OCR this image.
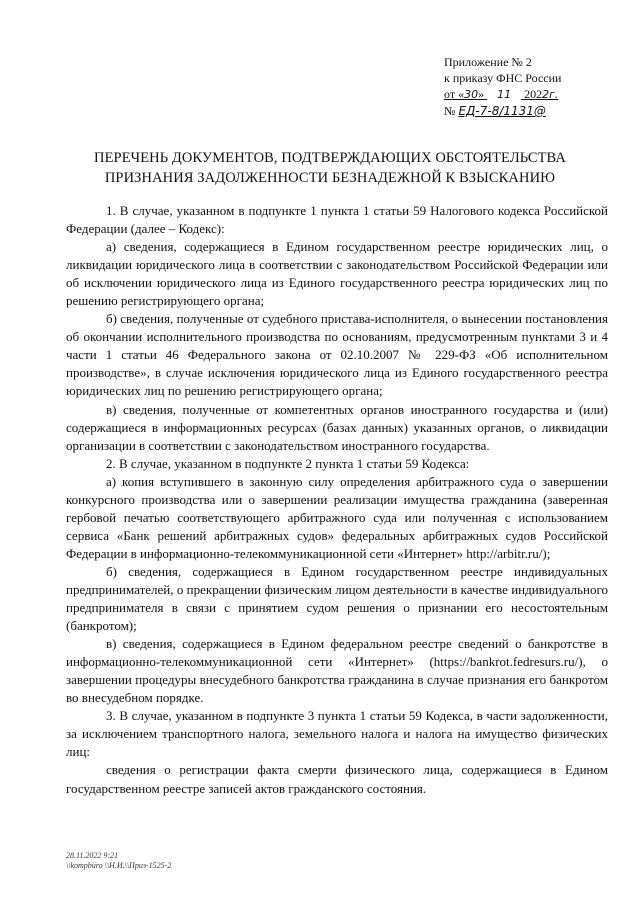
Приложение № 2
к приказу ФНС России
от «30» 11 2022г.
№ ЕД-7-8/1131@
ПЕРЕЧЕНЬ ДОКУМЕНТОВ, ПОДТВЕРЖДАЮЩИХ ОБСТОЯТЕЛЬСТВА
ПРИЗНАНИЯ ЗАДОЛЖЕННОСТИ БЕЗНАДЕЖНОЙ К ВЗЫСКАНИЮ

1. В случае, указанном в подпункте 1 пункта 1 статьи 59 Налогового кодекса Российской Федерации (далее – Кодекс):

а) сведения, содержащиеся в Едином государственном реестре юридических лиц, о ликвидации юридического лица в соответствии с законодательством Российской Федерации или об исключении юридического лица из Единого государственного реестра юридических лиц по решению регистрирующего органа;

б) сведения, полученные от судебного пристава-исполнителя, о вынесении постановления об окончании исполнительного производства по основаниям, предусмотренным пунктами 3 и 4 части 1 статьи 46 Федерального закона от 02.10.2007 № 229-ФЗ «Об исполнительном производстве», в случае исключения юридического лица из Единого государственного реестра юридических лиц по решению регистрирующего органа;

в) сведения, полученные от компетентных органов иностранного государства и (или) содержащиеся в информационных ресурсах (базах данных) указанных органов, о ликвидации организации в соответствии с законодательством иностранного государства.

2. В случае, указанном в подпункте 2 пункта 1 статьи 59 Кодекса:

а) копия вступившего в законную силу определения арбитражного суда о завершении конкурсного производства или о завершении реализации имущества гражданина (заверенная гербовой печатью соответствующего арбитражного суда или полученная с использованием сервиса «Банк решений арбитражных судов» федеральных арбитражных судов Российской Федерации в информационно-телекоммуникационной сети «Интернет» http://arbitr.ru/);

б) сведения, содержащиеся в Едином государственном реестре индивидуальных предпринимателей, о прекращении физическим лицом деятельности в качестве индивидуального предпринимателя в связи с принятием судом решения о признании его несостоятельным (банкротом);

в) сведения, содержащиеся в Едином федеральном реестре сведений о банкротстве в информационно-телекоммуникационной сети «Интернет» (https://bankrot.fedresurs.ru/), о завершении процедуры внесудебного банкротства гражданина в случае признания его банкротом во внесудебном порядке.

3. В случае, указанном в подпункте 3 пункта 1 статьи 59 Кодекса, в части задолженности, за исключением транспортного налога, земельного налога и налога на имущество физических лиц:

сведения о регистрации факта смерти физического лица, содержащиеся в Едином государственном реестре записей актов гражданского состояния.

28.11.2022 9:21
\\kompburo \\Н.И.\\Приз-1525-2
